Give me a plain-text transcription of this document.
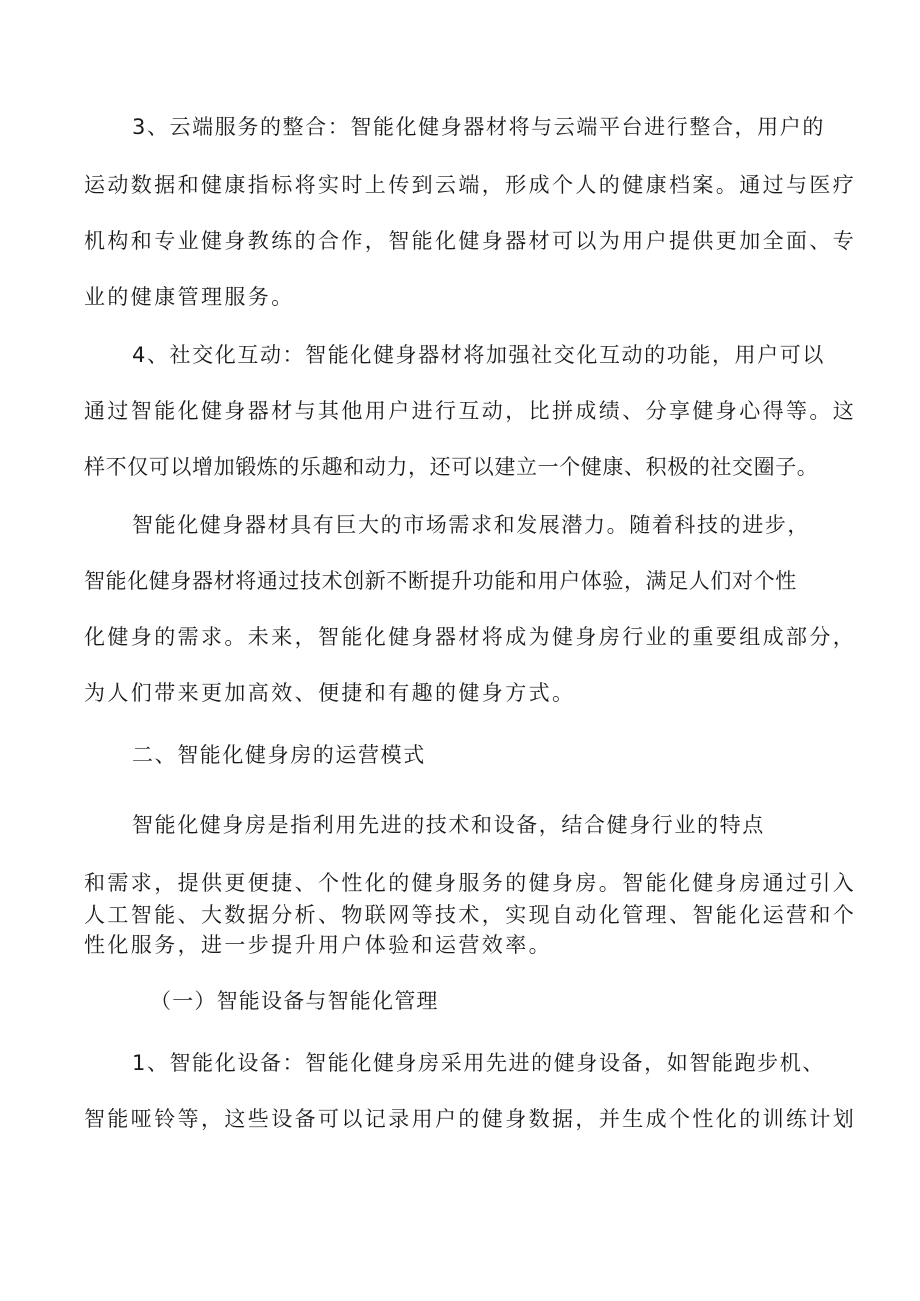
3、云端服务的整合：智能化健身器材将与云端平台进行整合，用户的
运动数据和健康指标将实时上传到云端，形成个人的健康档案。通过与医疗
机构和专业健身教练的合作，智能化健身器材可以为用户提供更加全面、专
业的健康管理服务。
4、社交化互动：智能化健身器材将加强社交化互动的功能，用户可以
通过智能化健身器材与其他用户进行互动，比拼成绩、分享健身心得等。这
样不仅可以增加锻炼的乐趣和动力，还可以建立一个健康、积极的社交圈子。
智能化健身器材具有巨大的市场需求和发展潜力。随着科技的进步，
智能化健身器材将通过技术创新不断提升功能和用户体验，满足人们对个性
化健身的需求。未来，智能化健身器材将成为健身房行业的重要组成部分，
为人们带来更加高效、便捷和有趣的健身方式。
二、智能化健身房的运营模式
智能化健身房是指利用先进的技术和设备，结合健身行业的特点
和需求，提供更便捷、个性化的健身服务的健身房。智能化健身房通过引入
人工智能、大数据分析、物联网等技术，实现自动化管理、智能化运营和个
性化服务，进一步提升用户体验和运营效率。
（一）智能设备与智能化管理
1、智能化设备：智能化健身房采用先进的健身设备，如智能跑步机、
智能哑铃等，这些设备可以记录用户的健身数据，并生成个性化的训练计划
